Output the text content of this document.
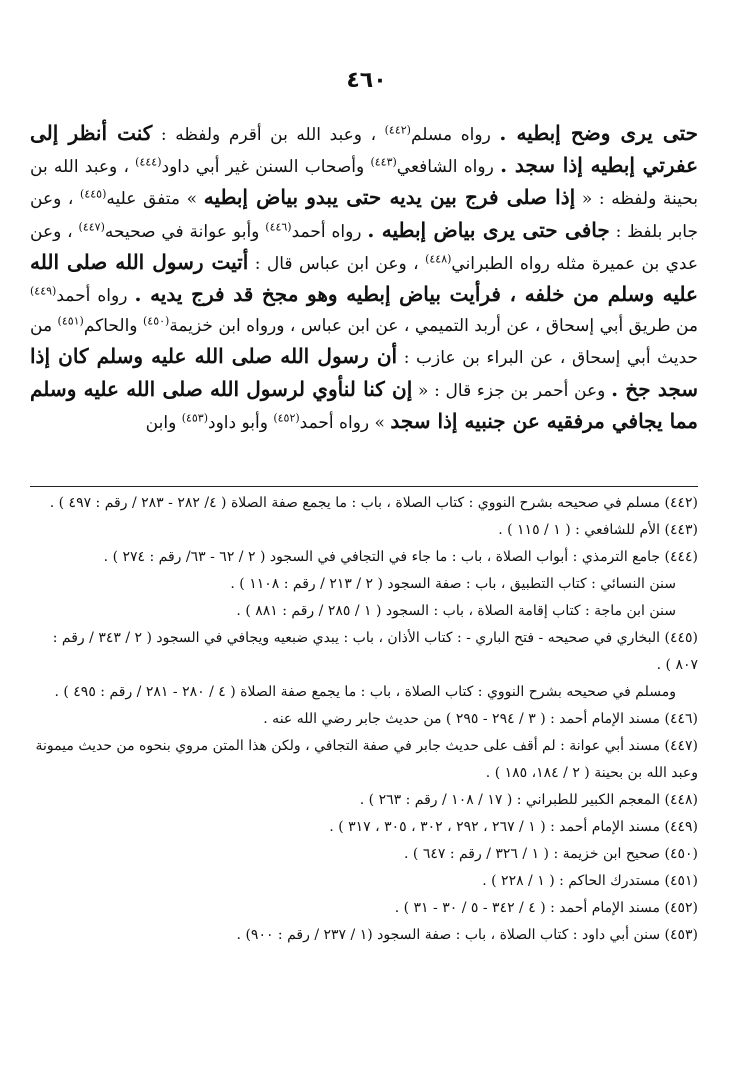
٤٦٠
حتى يرى وضح إبطيه . رواه مسلم$^{(٤٤٢)}$ ، وعبد الله بن أقرم ولفظه : كنت أنظر إلى عفرتي إبطيه إذا سجد . رواه الشافعي$^{(٤٤٣)}$ وأصحاب السنن غير أبي داود$^{(٤٤٤)}$ ، وعبد الله بن بحينة ولفظه : « إذا صلى فرج بين يديه حتى يبدو بياض إبطيه » متفق عليه$^{(٤٤٥)}$ ، وعن جابر بلفظ : جافى حتى يرى بياض إبطيه . رواه أحمد$^{(٤٤٦)}$ وأبو عوانة في صحيحه$^{(٤٤٧)}$ ، وعن عدي بن عميرة مثله رواه الطبراني$^{(٤٤٨)}$ ، وعن ابن عباس قال : أتيت رسول الله صلى الله عليه وسلم من خلفه ، فرأيت بياض إبطيه وهو مجخ قد فرج يديه . رواه أحمد$^{(٤٤٩)}$ من طريق أبي إسحاق ، عن أربد التميمي ، عن ابن عباس ، ورواه ابن خزيمة$^{(٤٥٠)}$ والحاكم$^{(٤٥١)}$ من حديث أبي إسحاق ، عن البراء بن عازب : أن رسول الله صلى الله عليه وسلم كان إذا سجد جخ . وعن أحمر بن جزء قال : « إن كنا لنأوي لرسول الله صلى الله عليه وسلم مما يجافي مرفقيه عن جنبيه إذا سجد » رواه أحمد$^{(٤٥٢)}$ وأبو داود$^{(٤٥٣)}$ وابن
(٤٤٢) مسلم في صحيحه بشرح النووي : كتاب الصلاة ، باب : ما يجمع صفة الصلاة ( ٤/ ٢٨٢ - ٢٨٣ / رقم : ٤٩٧ ) .
(٤٤٣) الأم للشافعي : ( ١ / ١١٥ ) .
(٤٤٤) جامع الترمذي : أبواب الصلاة ، باب : ما جاء في التجافي في السجود ( ٢ / ٦٢ - ٦٣/ رقم : ٢٧٤ ) .
سنن النسائي : كتاب التطبيق ، باب : صفة السجود ( ٢ / ٢١٣ / رقم : ١١٠٨ ) .
سنن ابن ماجة : كتاب إقامة الصلاة ، باب : السجود ( ١ / ٢٨٥ / رقم : ٨٨١ ) .
(٤٤٥) البخاري في صحيحه - فتح الباري - : كتاب الأذان ، باب : يبدي ضبعيه ويجافي في السجود ( ٢ / ٣٤٣ / رقم : ٨٠٧ ) .
ومسلم في صحيحه بشرح النووي : كتاب الصلاة ، باب : ما يجمع صفة الصلاة ( ٤ / ٢٨٠ - ٢٨١ / رقم : ٤٩٥ ) .
(٤٤٦) مسند الإمام أحمد : ( ٣ / ٢٩٤ - ٢٩٥ ) من حديث جابر رضي الله عنه .
(٤٤٧) مسند أبي عوانة : لم أقف على حديث جابر في صفة التجافي ، ولكن هذا المتن مروي بنحوه من حديث ميمونة وعبد الله بن بحينة ( ٢ / ١٨٤، ١٨٥ ) .
(٤٤٨) المعجم الكبير للطبراني : ( ١٧ / ١٠٨ / رقم : ٢٦٣ ) .
(٤٤٩) مسند الإمام أحمد : ( ١ / ٢٦٧ ، ٢٩٢ ، ٣٠٢ ، ٣٠٥ ، ٣١٧ ) .
(٤٥٠) صحيح ابن خزيمة : ( ١ / ٣٢٦ / رقم : ٦٤٧ ) .
(٤٥١) مستدرك الحاكم : ( ١ / ٢٢٨ ) .
(٤٥٢) مسند الإمام أحمد : ( ٤ / ٣٤٢ - ٥ / ٣٠ - ٣١ ) .
(٤٥٣) سنن أبي داود : كتاب الصلاة ، باب : صفة السجود (١ / ٢٣٧ / رقم : ٩٠٠) .
